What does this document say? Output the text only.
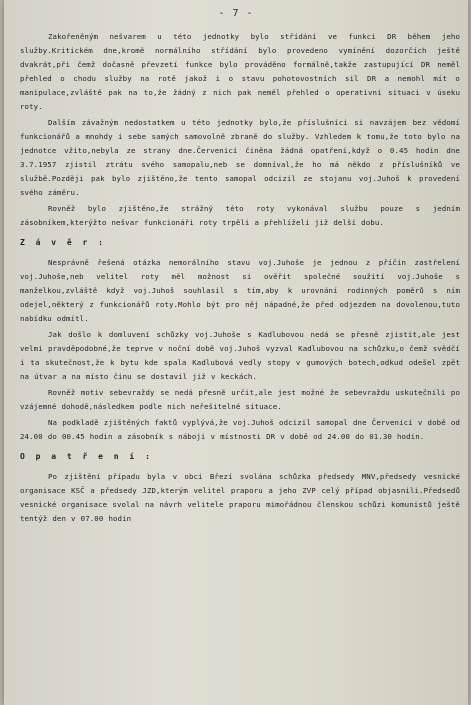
- 7 -

Zakořeněným nešvarem u této jednotky bylo střídání ve funkci DR během jeho služby.Kritickém dne,kromě normálního střídání bylo provedeno vymínění dozorčích ještě dvakrát,při čemž dočasně převzetí funkce bylo prováděno formálně,takže zastupující DR neměl přehled o chodu služby na rotě jakož i o stavu pohotovostních sil DR a nemohl mít o manipulace,zvláště pak na to,že žádný z nich pak neměl přehled o operativní situaci v úseku roty.

Dalším závažným nedostatkem u této jednotky bylo,že příslušníci si navzájem bez vědomí funkcionářů a mnohdy i sebe samých samovolně zbraně do služby. Vzhledem k tomu,že toto bylo na jednotce vžito,nebyla ze strany dne.Červenicí činěna žádná opatření,když o 0.45 hodin dne 3.7.1957 zjistil ztrátu svého samopalu,neb se domníval,že ho má někdo z příslušníků ve službě.Později pak bylo zjištěno,že tento samopal odcizil ze stojanu voj.Juhoš k provedení svého záměru.

Rovněž bylo zjištěno,že strážný této roty vykonával službu pouze s jedním zásobníkem,kterýžto nešvar funkcionáři roty trpěli a přehlíželi již delší dobu.

Z á v ě r :

Nesprávně řešená otázka nemorálního stavu voj.Juhoše je jednou z příčin zastřelení voj.Juhoše,neb velitel roty měl možnost si ověřit společné soužití voj.Juhoše s manželkou,zvláště když voj.Juhoš souhlasil s tím,aby k urovnání rodinných poměrů s ním odejel,některý z funkcionářů roty.Mohlo být pro něj nápadné,že před odjezdem na dovolenou,tuto nabídku odmítl.

Jak došlo k domluvení schůzky voj.Juhoše s Kadlubovou nedá se přesně zjistit,ale jest velmi pravděpodobné,že teprve v noční době voj.Juhoš vyzval Kadlubovou na schůzku,o čemž svědčí i ta skutečnost,že k bytu kde spala Kadlubová vedly stopy v gumových botech,odkud odešel zpět na útvar a na místo činu se dostavil již v keckách.

Rovněž motiv sebevraždy se nedá přesně určit,ale jest možné že sebevraždu uskutečnili po vzájemné dohodě,následkem podle nich neřešitelné situace.

Na podkladě zjištěných faktů vyplývá,že voj.Juhoš odcizil samopal dne Červenicí v době od 24.00 do 00.45 hodin a zásobník s náboji v místnosti DR v době od 24.00 do 01.30 hodin.

O p a t ř e n í :

Po zjištění případu byla v obci Březí svolána schůzka předsedy MNV,předsedy vesnické organisace KSČ a předsedy JZD,kterým velitel praporu a jeho ZVP celý případ objasnili.Předsedů vesnické organisace svolal na návrh velitele praporu mimořádnou členskou schůzi komunistů ještě tentýž den v 07.00 hodin
